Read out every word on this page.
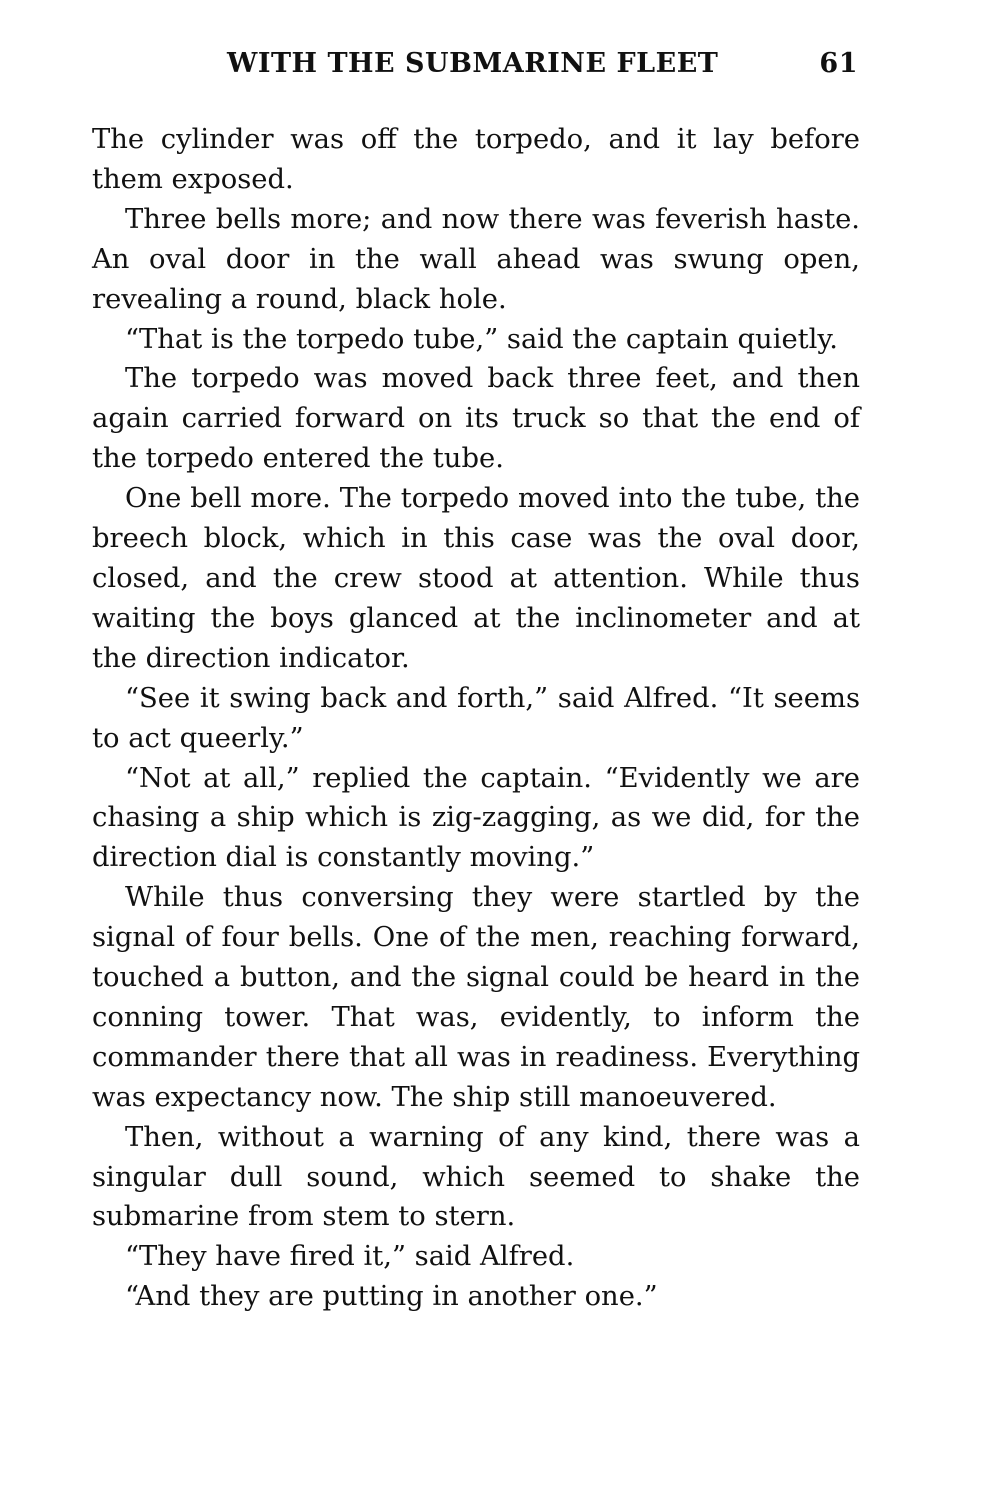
WITH THE SUBMARINE FLEET	61

The cylinder was off the torpedo, and it lay before them exposed.

Three bells more; and now there was feverish haste. An oval door in the wall ahead was swung open, revealing a round, black hole.

“That is the torpedo tube,” said the captain quietly.

The torpedo was moved back three feet, and then again carried forward on its truck so that the end of the torpedo entered the tube.

One bell more. The torpedo moved into the tube, the breech block, which in this case was the oval door, closed, and the crew stood at attention. While thus waiting the boys glanced at the inclinometer and at the direction indicator.

“See it swing back and forth,” said Alfred. “It seems to act queerly.”

“Not at all,” replied the captain. “Evidently we are chasing a ship which is zig-zagging, as we did, for the direction dial is constantly moving.”

While thus conversing they were startled by the signal of four bells. One of the men, reaching forward, touched a button, and the signal could be heard in the conning tower. That was, evidently, to inform the commander there that all was in readiness. Everything was expectancy now. The ship still manoeuvered.

Then, without a warning of any kind, there was a singular dull sound, which seemed to shake the submarine from stem to stern.

“They have fired it,” said Alfred.

“And they are putting in another one.”
